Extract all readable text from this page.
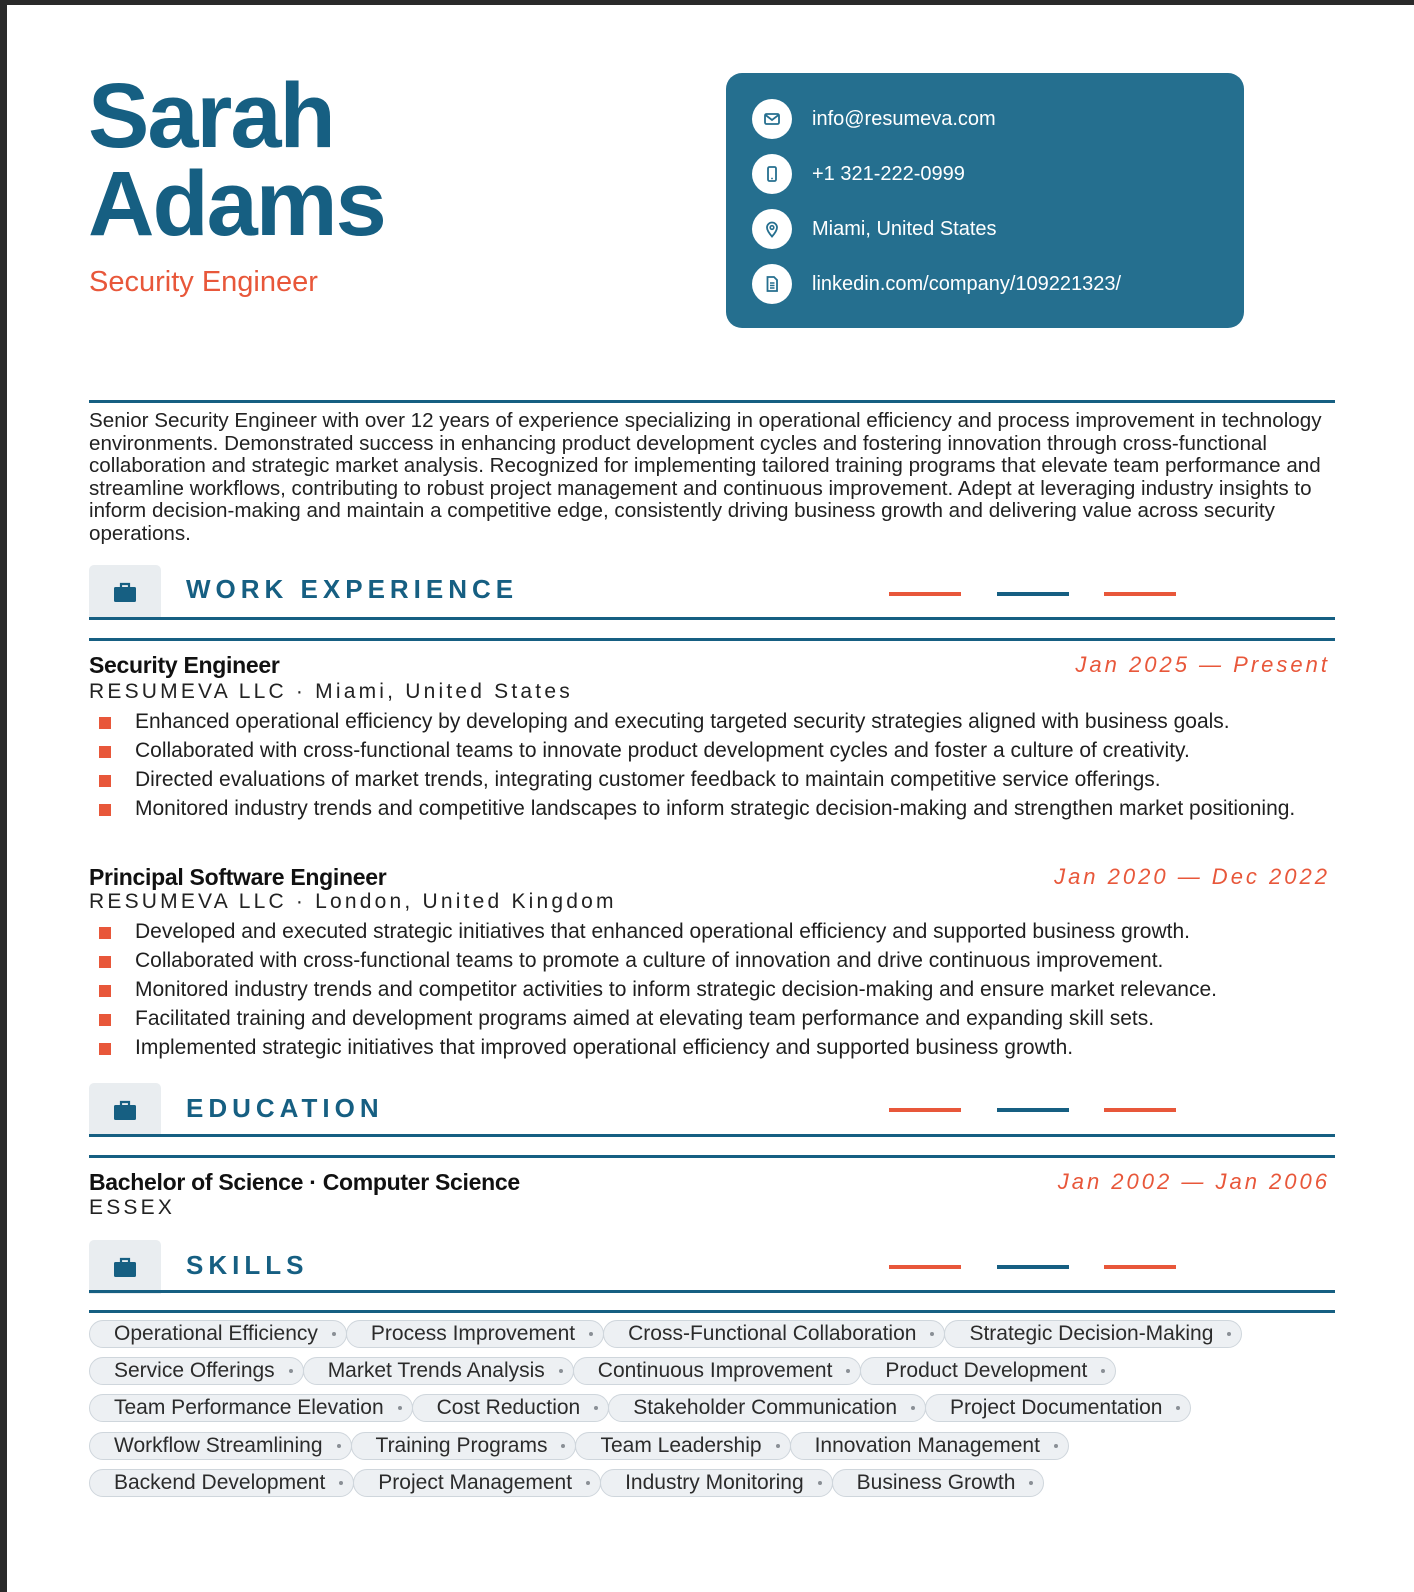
Sarah
Adams
Security Engineer
info@resumeva.com
+1 321-222-0999
Miami, United States
linkedin.com/company/109221323/
Senior Security Engineer with over 12 years of experience specializing in operational efficiency and process improvement in technology environments. Demonstrated success in enhancing product development cycles and fostering innovation through cross-functional collaboration and strategic market analysis. Recognized for implementing tailored training programs that elevate team performance and streamline workflows, contributing to robust project management and continuous improvement. Adept at leveraging industry insights to inform decision-making and maintain a competitive edge, consistently driving business growth and delivering value across security operations.
WORK EXPERIENCE
Security Engineer	Jan 2025 — Present
RESUMEVA LLC · Miami, United States
Enhanced operational efficiency by developing and executing targeted security strategies aligned with business goals.
Collaborated with cross-functional teams to innovate product development cycles and foster a culture of creativity.
Directed evaluations of market trends, integrating customer feedback to maintain competitive service offerings.
Monitored industry trends and competitive landscapes to inform strategic decision-making and strengthen market positioning.
Principal Software Engineer	Jan 2020 — Dec 2022
RESUMEVA LLC · London, United Kingdom
Developed and executed strategic initiatives that enhanced operational efficiency and supported business growth.
Collaborated with cross-functional teams to promote a culture of innovation and drive continuous improvement.
Monitored industry trends and competitor activities to inform strategic decision-making and ensure market relevance.
Facilitated training and development programs aimed at elevating team performance and expanding skill sets.
Implemented strategic initiatives that improved operational efficiency and supported business growth.
EDUCATION
Bachelor of Science · Computer Science	Jan 2002 — Jan 2006
ESSEX
SKILLS
Operational Efficiency	Process Improvement	Cross-Functional Collaboration	Strategic Decision-Making
Service Offerings	Market Trends Analysis	Continuous Improvement	Product Development
Team Performance Elevation	Cost Reduction	Stakeholder Communication	Project Documentation
Workflow Streamlining	Training Programs	Team Leadership	Innovation Management
Backend Development	Project Management	Industry Monitoring	Business Growth
